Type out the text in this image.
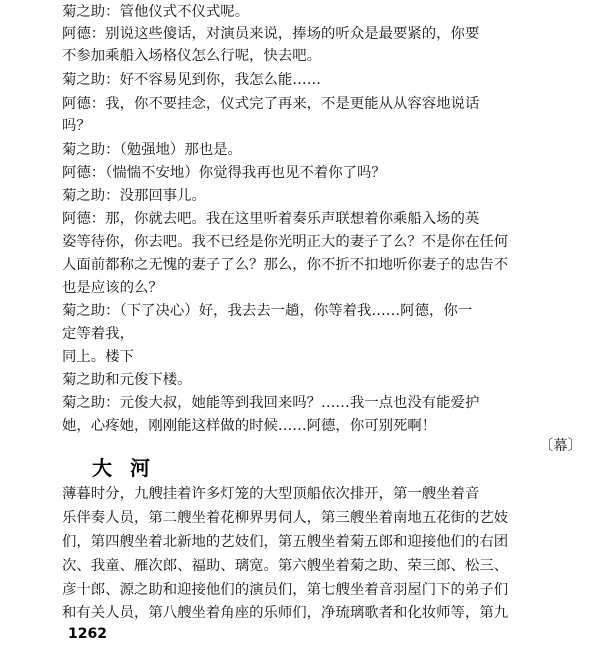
菊之助：管他仪式不仪式呢。
阿德：别说这些傻话，对演员来说，捧场的听众是最要紧的，你要
不参加乘船入场格仪怎么行呢，快去吧。
菊之助：好不容易见到你，我怎么能……
阿德：我，你不要挂念，仪式完了再来，不是更能从从容容地说话
吗？
菊之助：（勉强地）那也是。
阿德：（惴惴不安地）你觉得我再也见不着你了吗？
菊之助：没那回事儿。
阿德：那，你就去吧。我在这里听着奏乐声联想着你乘船入场的英
姿等待你，你去吧。我不已经是你光明正大的妻子了么？不是你在任何
人面前都称之无愧的妻子了么？那么，你不折不扣地听你妻子的忠告不
也是应该的么？
菊之助：（下了决心）好，我去去一趟，你等着我……阿德，你一
定等着我，
同上。楼下
菊之助和元俊下楼。
菊之助：元俊大叔，她能等到我回来吗？……我一点也没有能爱护
她，心疼她，刚刚能这样做的时候……阿德，你可别死啊！
〔幕〕
大河
薄暮时分，九艘挂着许多灯笼的大型顶船依次排开，第一艘坐着音
乐伴奏人员，第二艘坐着花柳界男伺人，第三艘坐着南地五花街的艺妓
们，第四艘坐着北新地的艺妓们，第五艘坐着菊五郎和迎接他们的右团
次、我童、雁次郎、福助、璃宽。第六艘坐着菊之助、荣三郎、松三、
彦十郎、源之助和迎接他们的演员们，第七艘坐着音羽屋门下的弟子们
和有关人员，第八艘坐着角座的乐师们，净琉璃歌者和化妆师等，第九
1262
